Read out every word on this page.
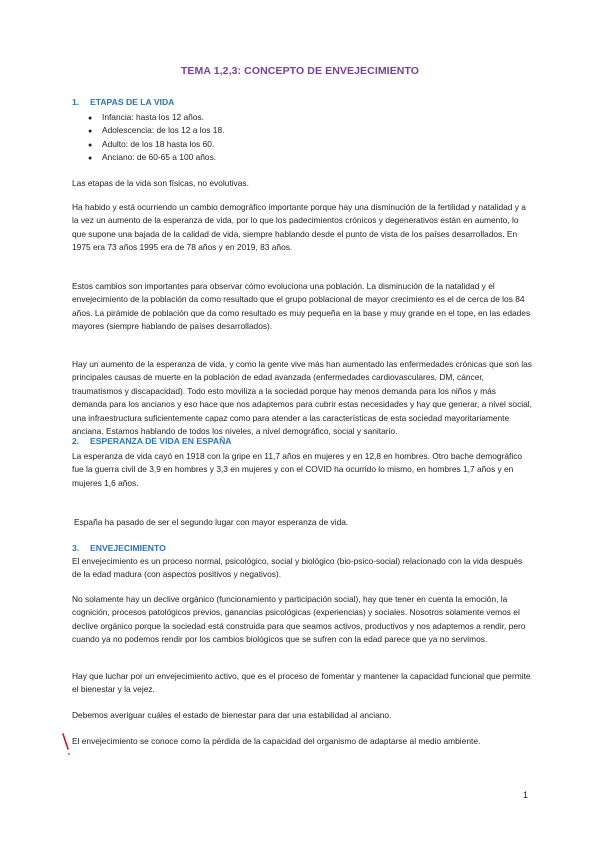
TEMA 1,2,3: CONCEPTO DE ENVEJECIMIENTO
1. ETAPAS DE LA VIDA
● Infancia: hasta los 12 años.
● Adolescencia: de los 12 a los 18.
● Adulto: de los 18 hasta los 60.
● Anciano: de 60-65 a 100 años.

Las etapas de la vida son físicas, no evolutivas.

Ha habido y está ocurriendo un cambio demográfico importante porque hay una disminución de la fertilidad y natalidad y a la vez un aumento de la esperanza de vida, por lo que los padecimientos crónicos y degenerativos están en aumento, lo que supone una bajada de la calidad de vida, siempre hablando desde el punto de vista de los países desarrollados. En 1975 era 73 años 1995 era de 78 años y en 2019, 83 años.

Estos cambios son importantes para observar cómo evoluciona una población. La disminución de la natalidad y el envejecimiento de la población da como resultado que el grupo poblacional de mayor crecimiento es el de cerca de los 84 años. La pirámide de población que da como resultado es muy pequeña en la base y muy grande en el tope, en las edades mayores (siempre hablando de países desarrollados).

Hay un aumento de la esperanza de vida, y como la gente vive más han aumentado las enfermedades crónicas que son las principales causas de muerte en la población de edad avanzada (enfermedades cardiovasculares, DM, cáncer, traumatismos y discapacidad). Todo esto moviliza a la sociedad porque hay menos demanda para los niños y más demanda para los ancianos y eso hace que nos adaptemos para cubrir estas necesidades y hay que generar, a nivel social, una infraestructura suficientemente capaz como para atender a las características de esta sociedad mayoritariamente anciana. Estamos hablando de todos los niveles, a nivel demográfico, social y sanitario.

2. ESPERANZA DE VIDA EN ESPAÑA

La esperanza de vida cayó en 1918 con la gripe en 11,7 años en mujeres y en 12,8 en hombres. Otro bache demográfico fue la guerra civil de 3,9 en hombres y 3,3 en mujeres y con el COVID ha ocurrido lo mismo, en hombres 1,7 años y en mujeres 1,6 años.

España ha pasado de ser el segundo lugar con mayor esperanza de vida.

3. ENVEJECIMIENTO

El envejecimiento es un proceso normal, psicológico, social y biológico (bio-psico-social) relacionado con la vida después de la edad madura (con aspectos positivos y negativos).

No solamente hay un declive orgánico (funcionamiento y participación social), hay que tener en cuenta la emoción, la cognición, procesos patológicos previos, ganancias psicológicas (experiencias) y sociales. Nosotros solamente vemos el declive orgánico porque la sociedad está construida para que seamos activos, productivos y nos adaptemos a rendir, pero cuando ya no podemos rendir por los cambios biológicos que se sufren con la edad parece que ya no servimos.

Hay que luchar por un envejecimiento activo, que es el proceso de fomentar y mantener la capacidad funcional que permite el bienestar y la vejez.

Debemos averiguar cuáles el estado de bienestar para dar una estabilidad al anciano.

El envejecimiento se conoce como la pérdida de la capacidad del organismo de adaptarse al medio ambiente.

1
